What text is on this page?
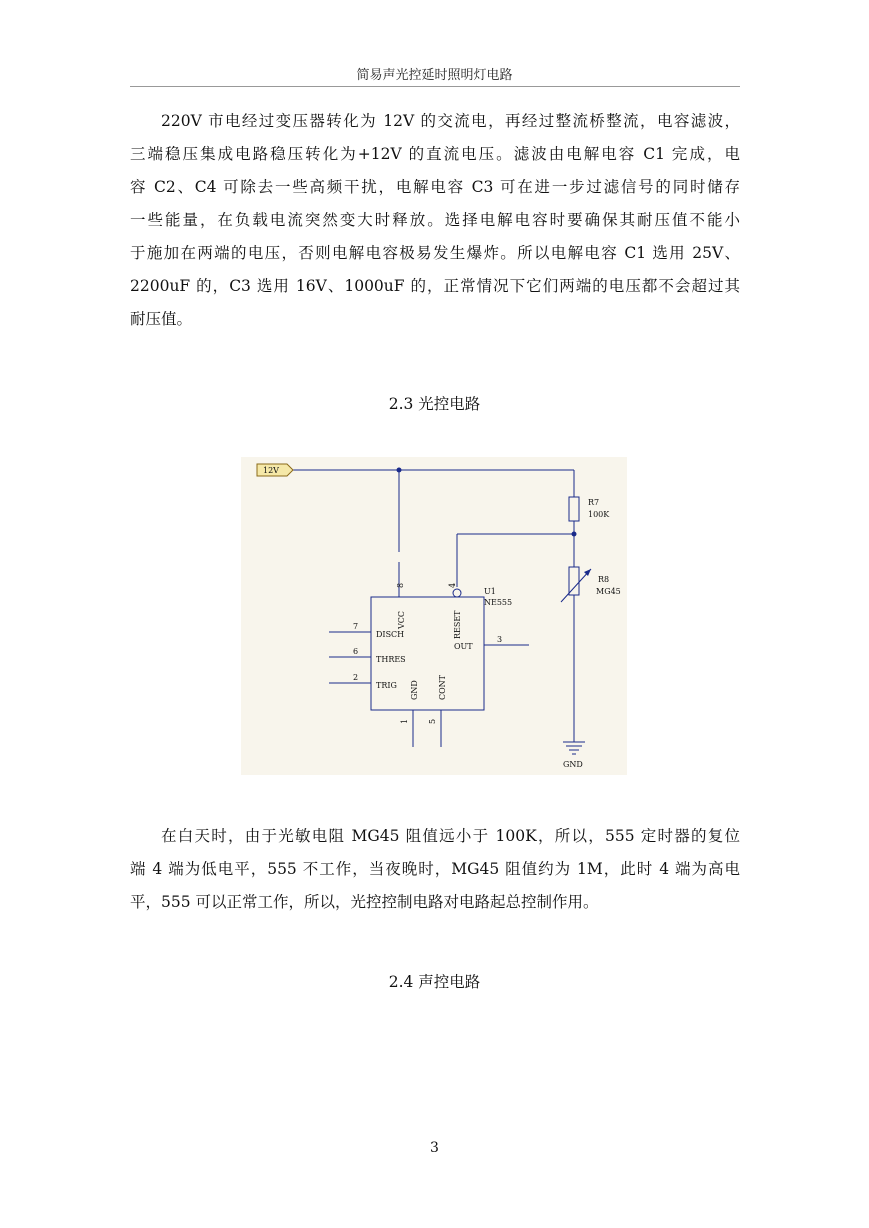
简易声光控延时照明灯电路
220V 市电经过变压器转化为 12V 的交流电，再经过整流桥整流，电容滤波，
三端稳压集成电路稳压转化为+12V 的直流电压。滤波由电解电容 C1 完成，电
容 C2、C4 可除去一些高频干扰，电解电容 C3 可在进一步过滤信号的同时储存
一些能量，在负载电流突然变大时释放。选择电解电容时要确保其耐压值不能小
于施加在两端的电压，否则电解电容极易发生爆炸。所以电解电容 C1 选用 25V、
2200uF 的，C3 选用 16V、1000uF 的，正常情况下它们两端的电压都不会超过其
耐压值。
2.3 光控电路
12V
R7
100K
R8
MG45
U1
NE555
DISCH
THRES
TRIG
OUT
VCC	RESET
GND CONT
8	4
7
6
2
3
1 5
GND
在白天时，由于光敏电阻 MG45 阻值远小于 100K，所以，555 定时器的复位
端 4 端为低电平，555 不工作，当夜晚时，MG45 阻值约为 1M，此时 4 端为高电
平，555 可以正常工作，所以，光控控制电路对电路起总控制作用。
2.4 声控电路
3
